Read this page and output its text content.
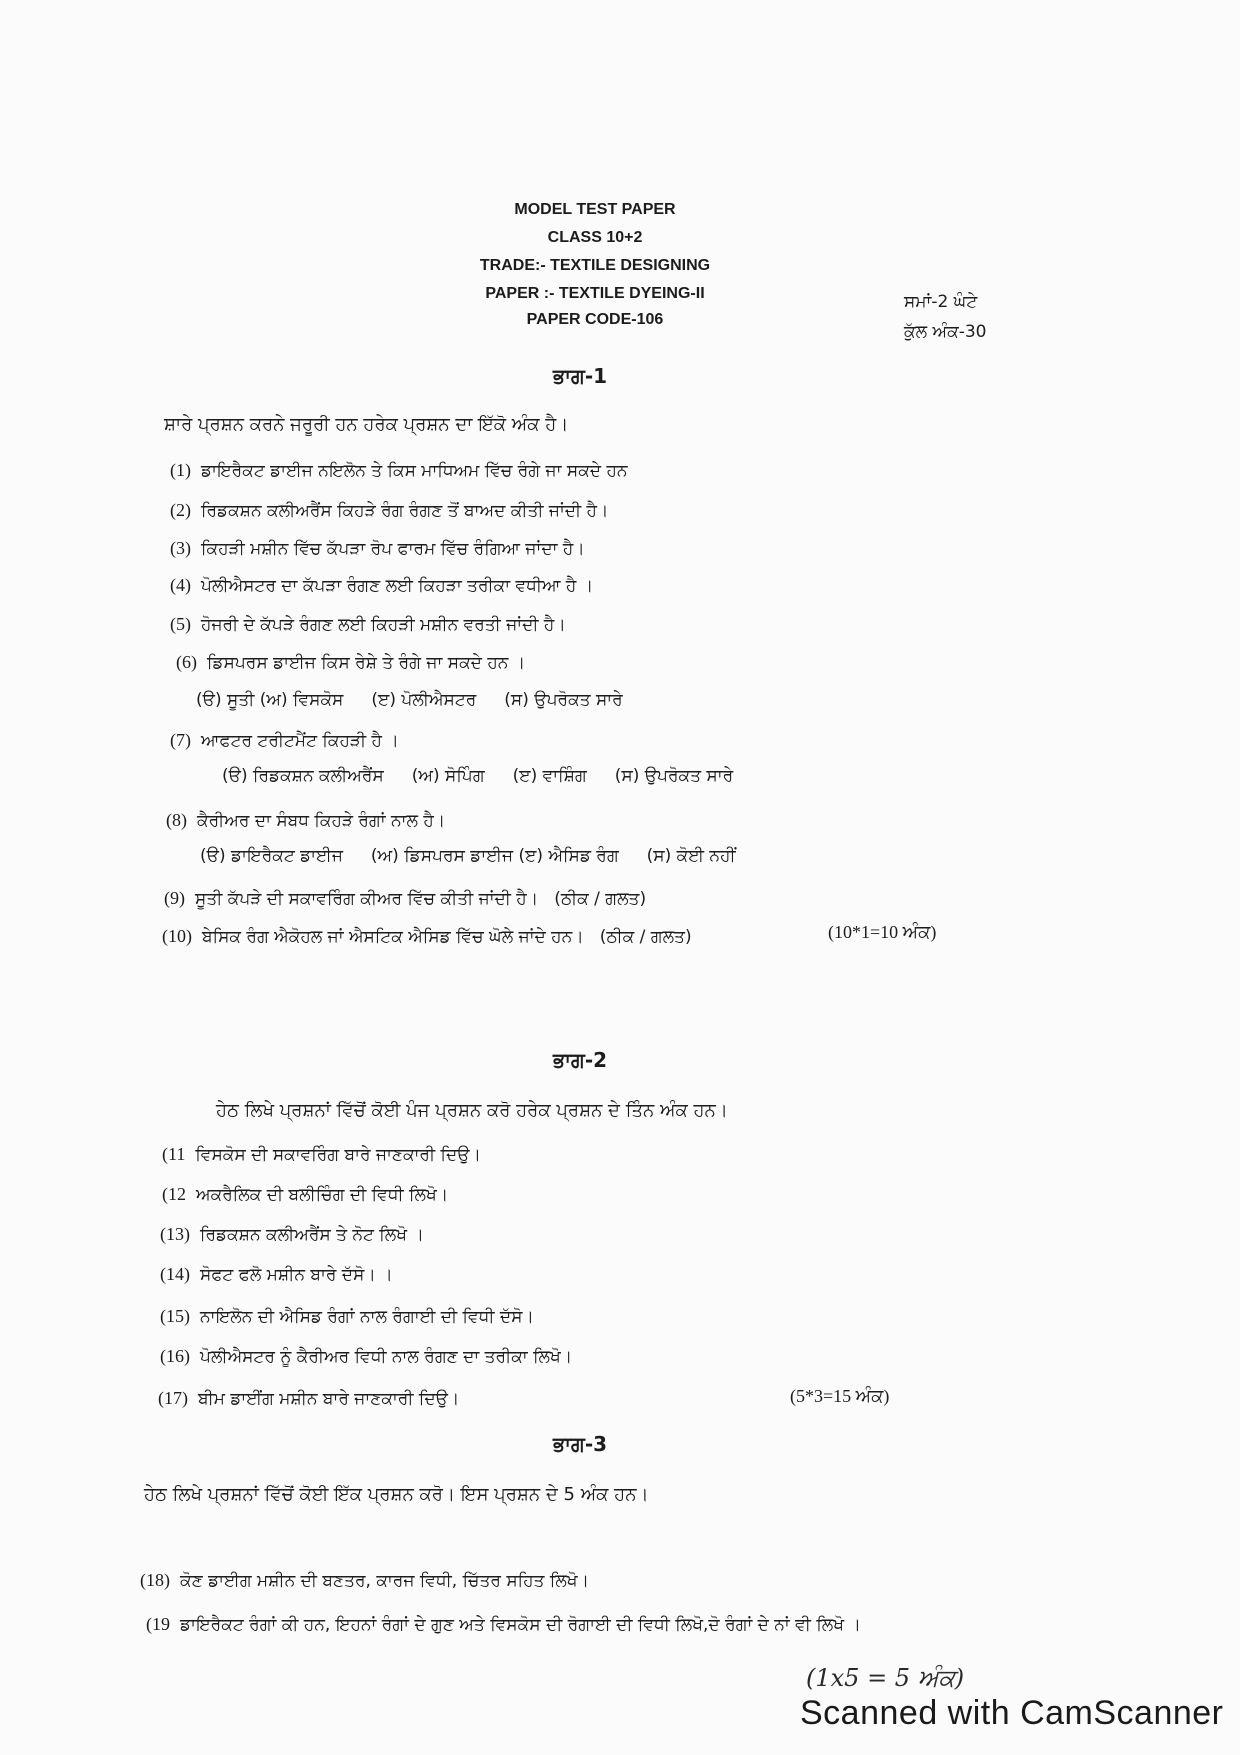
MODEL TEST PAPER
CLASS 10+2
TRADE:- TEXTILE DESIGNING
PAPER :- TEXTILE DYEING-II
PAPER CODE-106
ਸਮਾਂ-2 ਘੰਟੇ
ਕੁੱਲ ਅੰਕ-30
ਭਾਗ-1
ਸ਼ਾਰੇ ਪ੍ਰਸ਼ਨ ਕਰਨੇ ਜਰੂਰੀ ਹਨ ਹਰੇਕ ਪ੍ਰਸ਼ਨ ਦਾ ਇੱਕੋ ਅੰਕ ਹੈ।
(1) ਡਾਇਰੈਕਟ ਡਾਈਜ ਨਇਲੋਨ ਤੇ ਕਿਸ ਮਾਧਿਅਮ ਵਿੱਚ ਰੰਗੇ ਜਾ ਸਕਦੇ ਹਨ
(2) ਰਿਡਕਸ਼ਨ ਕਲੀਅਰੈਂਸ ਕਿਹੜੇ ਰੰਗ ਰੰਗਣ ਤੋਂ ਬਾਅਦ ਕੀਤੀ ਜਾਂਦੀ ਹੈ।
(3) ਕਿਹੜੀ ਮਸ਼ੀਨ ਵਿੱਚ ਕੱਪੜਾ ਰੋਪ ਫਾਰਮ ਵਿੱਚ ਰੰਗਿਆ ਜਾਂਦਾ ਹੈ।
(4) ਪੋਲੀਐਸਟਰ ਦਾ ਕੱਪੜਾ ਰੰਗਣ ਲਈ ਕਿਹੜਾ ਤਰੀਕਾ ਵਧੀਆ ਹੈ ।
(5) ਹੋਜਰੀ ਦੇ ਕੱਪੜੇ ਰੰਗਣ ਲਈ ਕਿਹੜੀ ਮਸ਼ੀਨ ਵਰਤੀ ਜਾਂਦੀ ਹੈ।
(6) ਡਿਸਪਰਸ ਡਾਈਜ ਕਿਸ ਰੇਸ਼ੇ ਤੇ ਰੰਗੇ ਜਾ ਸਕਦੇ ਹਨ ।
(ੳ) ਸੂਤੀ (ਅ) ਵਿਸਕੋਸ (ੲ) ਪੋਲੀਐਸਟਰ (ਸ) ਉਪਰੋਕਤ ਸਾਰੇ
(7) ਆਫਟਰ ਟਰੀਟਮੈਂਟ ਕਿਹੜੀ ਹੈ ।
(ੳ) ਰਿਡਕਸ਼ਨ ਕਲੀਅਰੈਂਸ (ਅ) ਸੋਪਿੰਗ (ੲ) ਵਾਸ਼ਿੰਗ (ਸ) ਉਪਰੋਕਤ ਸਾਰੇ
(8) ਕੈਰੀਅਰ ਦਾ ਸੰਬਧ ਕਿਹੜੇ ਰੰਗਾਂ ਨਾਲ ਹੈ।
(ੳ) ਡਾਇਰੈਕਟ ਡਾਈਜ (ਅ) ਡਿਸਪਰਸ ਡਾਈਜ (ੲ) ਐਸਿਡ ਰੰਗ (ਸ) ਕੋਈ ਨਹੀਂ
(9) ਸੂਤੀ ਕੱਪੜੇ ਦੀ ਸਕਾਵਰਿੰਗ ਕੀਅਰ ਵਿੱਚ ਕੀਤੀ ਜਾਂਦੀ ਹੈ। (ਠੀਕ / ਗਲਤ)
(10) ਬੇਸਿਕ ਰੰਗ ਐਕੋਹਲ ਜਾਂ ਐਸਟਿਕ ਐਸਿਡ ਵਿੱਚ ਘੋਲੇ ਜਾਂਦੇ ਹਨ। (ਠੀਕ / ਗਲਤ)	(10*1=10 ਅੰਕ)
ਭਾਗ-2
ਹੇਠ ਲਿਖੇ ਪ੍ਰਸ਼ਨਾਂ ਵਿੱਚੋਂ ਕੋਈ ਪੰਜ ਪ੍ਰਸ਼ਨ ਕਰੋ ਹਰੇਕ ਪ੍ਰਸ਼ਨ ਦੇ ਤਿੰਨ ਅੰਕ ਹਨ।
(11 ਵਿਸਕੋਸ ਦੀ ਸਕਾਵਰਿੰਗ ਬਾਰੇ ਜਾਣਕਾਰੀ ਦਿਉ।
(12 ਅਕਰੈਲਿਕ ਦੀ ਬਲੀਚਿੰਗ ਦੀ ਵਿਧੀ ਲਿਖੋ।
(13) ਰਿਡਕਸ਼ਨ ਕਲੀਅਰੈਂਸ ਤੇ ਨੋਟ ਲਿਖੋ ।
(14) ਸੋਫਟ ਫਲੋ ਮਸ਼ੀਨ ਬਾਰੇ ਦੱਸੋ। ।
(15) ਨਾਇਲੋਨ ਦੀ ਐਸਿਡ ਰੰਗਾਂ ਨਾਲ ਰੰਗਾਈ ਦੀ ਵਿਧੀ ਦੱਸੋ।
(16) ਪੋਲੀਐਸਟਰ ਨੂੰ ਕੈਰੀਅਰ ਵਿਧੀ ਨਾਲ ਰੰਗਣ ਦਾ ਤਰੀਕਾ ਲਿਖੋ।
(17) ਬੀਮ ਡਾਈਂਗ ਮਸ਼ੀਨ ਬਾਰੇ ਜਾਣਕਾਰੀ ਦਿਉ।	(5*3=15 ਅੰਕ)
ਭਾਗ-3
ਹੇਠ ਲਿਖੇ ਪ੍ਰਸ਼ਨਾਂ ਵਿੱਚੋਂ ਕੋਈ ਇੱਕ ਪ੍ਰਸ਼ਨ ਕਰੋ। ਇਸ ਪ੍ਰਸ਼ਨ ਦੇ 5 ਅੰਕ ਹਨ।
(18) ਕੋਣ ਡਾਈਗ ਮਸ਼ੀਨ ਦੀ ਬਣਤਰ, ਕਾਰਜ ਵਿਧੀ, ਚਿੱਤਰ ਸਹਿਤ ਲਿਖੋ।
(19 ਡਾਇਰੈਕਟ ਰੰਗਾਂ ਕੀ ਹਨ, ਇਹਨਾਂ ਰੰਗਾਂ ਦੇ ਗੁਣ ਅਤੇ ਵਿਸਕੋਸ ਦੀ ਰੋਗਾਈ ਦੀ ਵਿਧੀ ਲਿਖੋ,ਦੋ ਰੰਗਾਂ ਦੇ ਨਾਂ ਵੀ ਲਿਖੋ ।
(1x5 = 5 ਅੰਕ)
Scanned with CamScanner
